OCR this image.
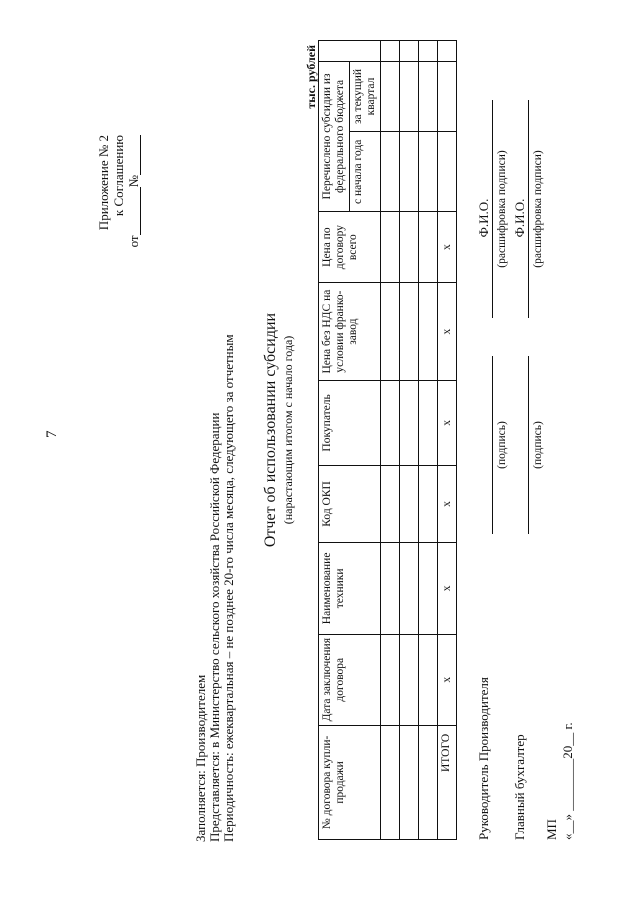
7
Приложение № 2 к Соглашению
от№
Заполняется: Производителем Представляется: в Министерство сельского хозяйства Российской Федерации Периодичность: ежеквартальная – не позднее 20-го числа месяца, следующего за отчетным Отчет об использовании субсидии (нарастающим итогом с начало года)
тыс. рублей
№ договора купли-продажи	Дата заключения договора	Наименование техники	Код ОКП	Покупатель	Цена без НДС на условии франко-завод	Цена по договору всего	Перечислено субсидии из федерального бюджета		
							с начала года	за текущий квартал	

ИТОГО	x	x	x	x	x	x			
Руководитель Производителя
(подпись)
Ф.И.О. (расшифровка подписи)
Главный бухгалтер
(подпись)
Ф.И.О. (расшифровка подписи)
МП «__» ________20__ г.
